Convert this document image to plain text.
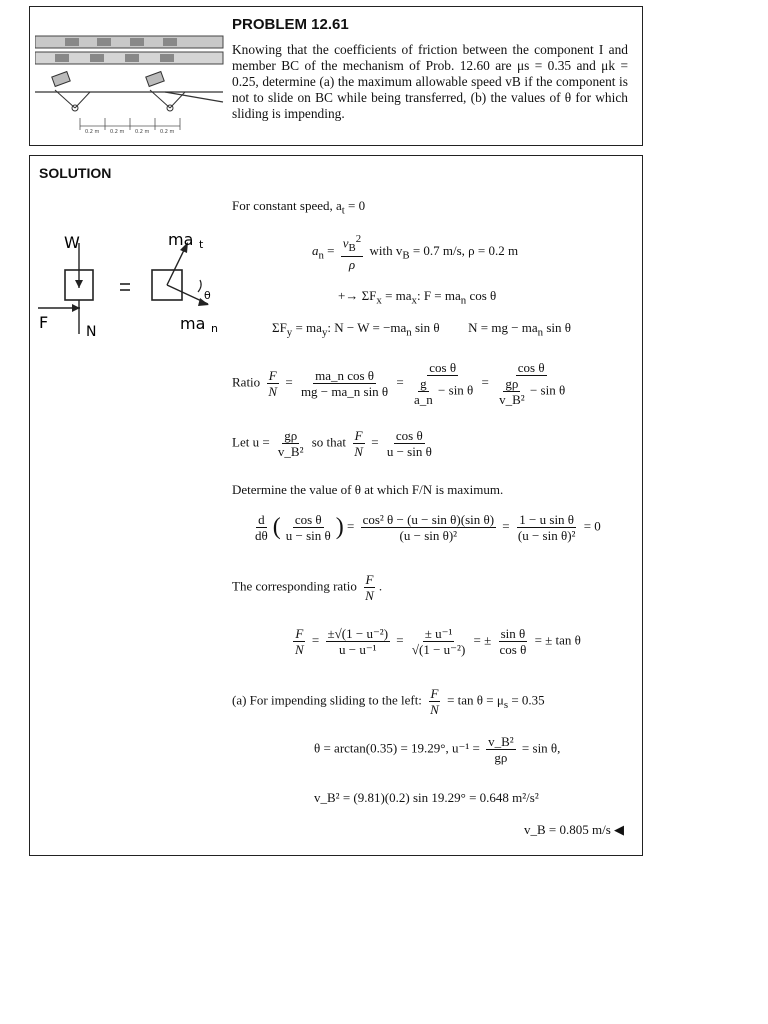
0.2 m 0.2 m 0.2 m 0.2 m
PROBLEM 12.61
Knowing that the coefficients of friction between the component I and member BC of the mechanism of Prob. 12.60 are μs = 0.35 and μk = 0.25, determine (a) the maximum allowable speed vB if the component is not to slide on BC while being transferred, (b) the values of θ for which sliding is impending.
SOLUTION
W
F	N
ma t
ma n
θ
For constant speed, $a_t = 0$
$a_n = \frac{v_B^2}{\rho}$ with $v_B = 0.7$ m/s, ρ = 0.2 m
+→ $\Sigma F_x = ma_x$: $F = ma_n$ cos θ
$\Sigma F_y = ma_y$: $N - W = -ma_n$ sin θ N = mg − $ma_n$ sin θ
Ratio $\frac{F}{N} = \frac{\text{ma\_n cos θ}}{\text{mg − ma\_n sin θ}} = \frac{\text{cos θ}}{\frac{g}{a\_n} - \sin \theta} = \frac{\text{cos θ}}{\frac{g\rho}{\text{v\_B²}} - \sin \theta}$
Let $u = \frac{g\rho}{\text{v\_B²}}$ so that $\frac{F}{N} = \frac{\text{cos θ}}{\text{u − sin θ}}$
Determine the value of θ at which F/N is maximum.
$\frac{d}{d\theta}$ ( $\frac{\text{cos θ}}{\text{u − sin θ}}$ ) = $\frac{\text{cos² θ − (u − sin θ)(sin θ)}}{\text{(u − sin θ)²}} = \frac{\text{1 − u sin θ}}{\text{(u − sin θ)²}} = 0$
The corresponding ratio $\frac{F}{N}$ .
$\frac{F}{N} = \frac{\text{±√(1 − u⁻²)}}{\text{u − u⁻¹}} = \frac{\text{± u⁻¹}}{\text{√(1 − u⁻²)}}$ = ± $\frac{\text{sin θ}}{\text{cos θ}}$ = ± tan θ
(a) For impending sliding to the left: $\frac{F}{N} = \tan \theta = \mu_s = 0.35$
θ = arctan(0.35) = 19.29°, $u^{-1} = \frac{\text{v\_B²}}{g\rho} = \sin \theta$,
v_B² = (9.81)(0.2) sin 19.29° = 0.648 m²/s²
v_B = 0.805 m/s ◀
